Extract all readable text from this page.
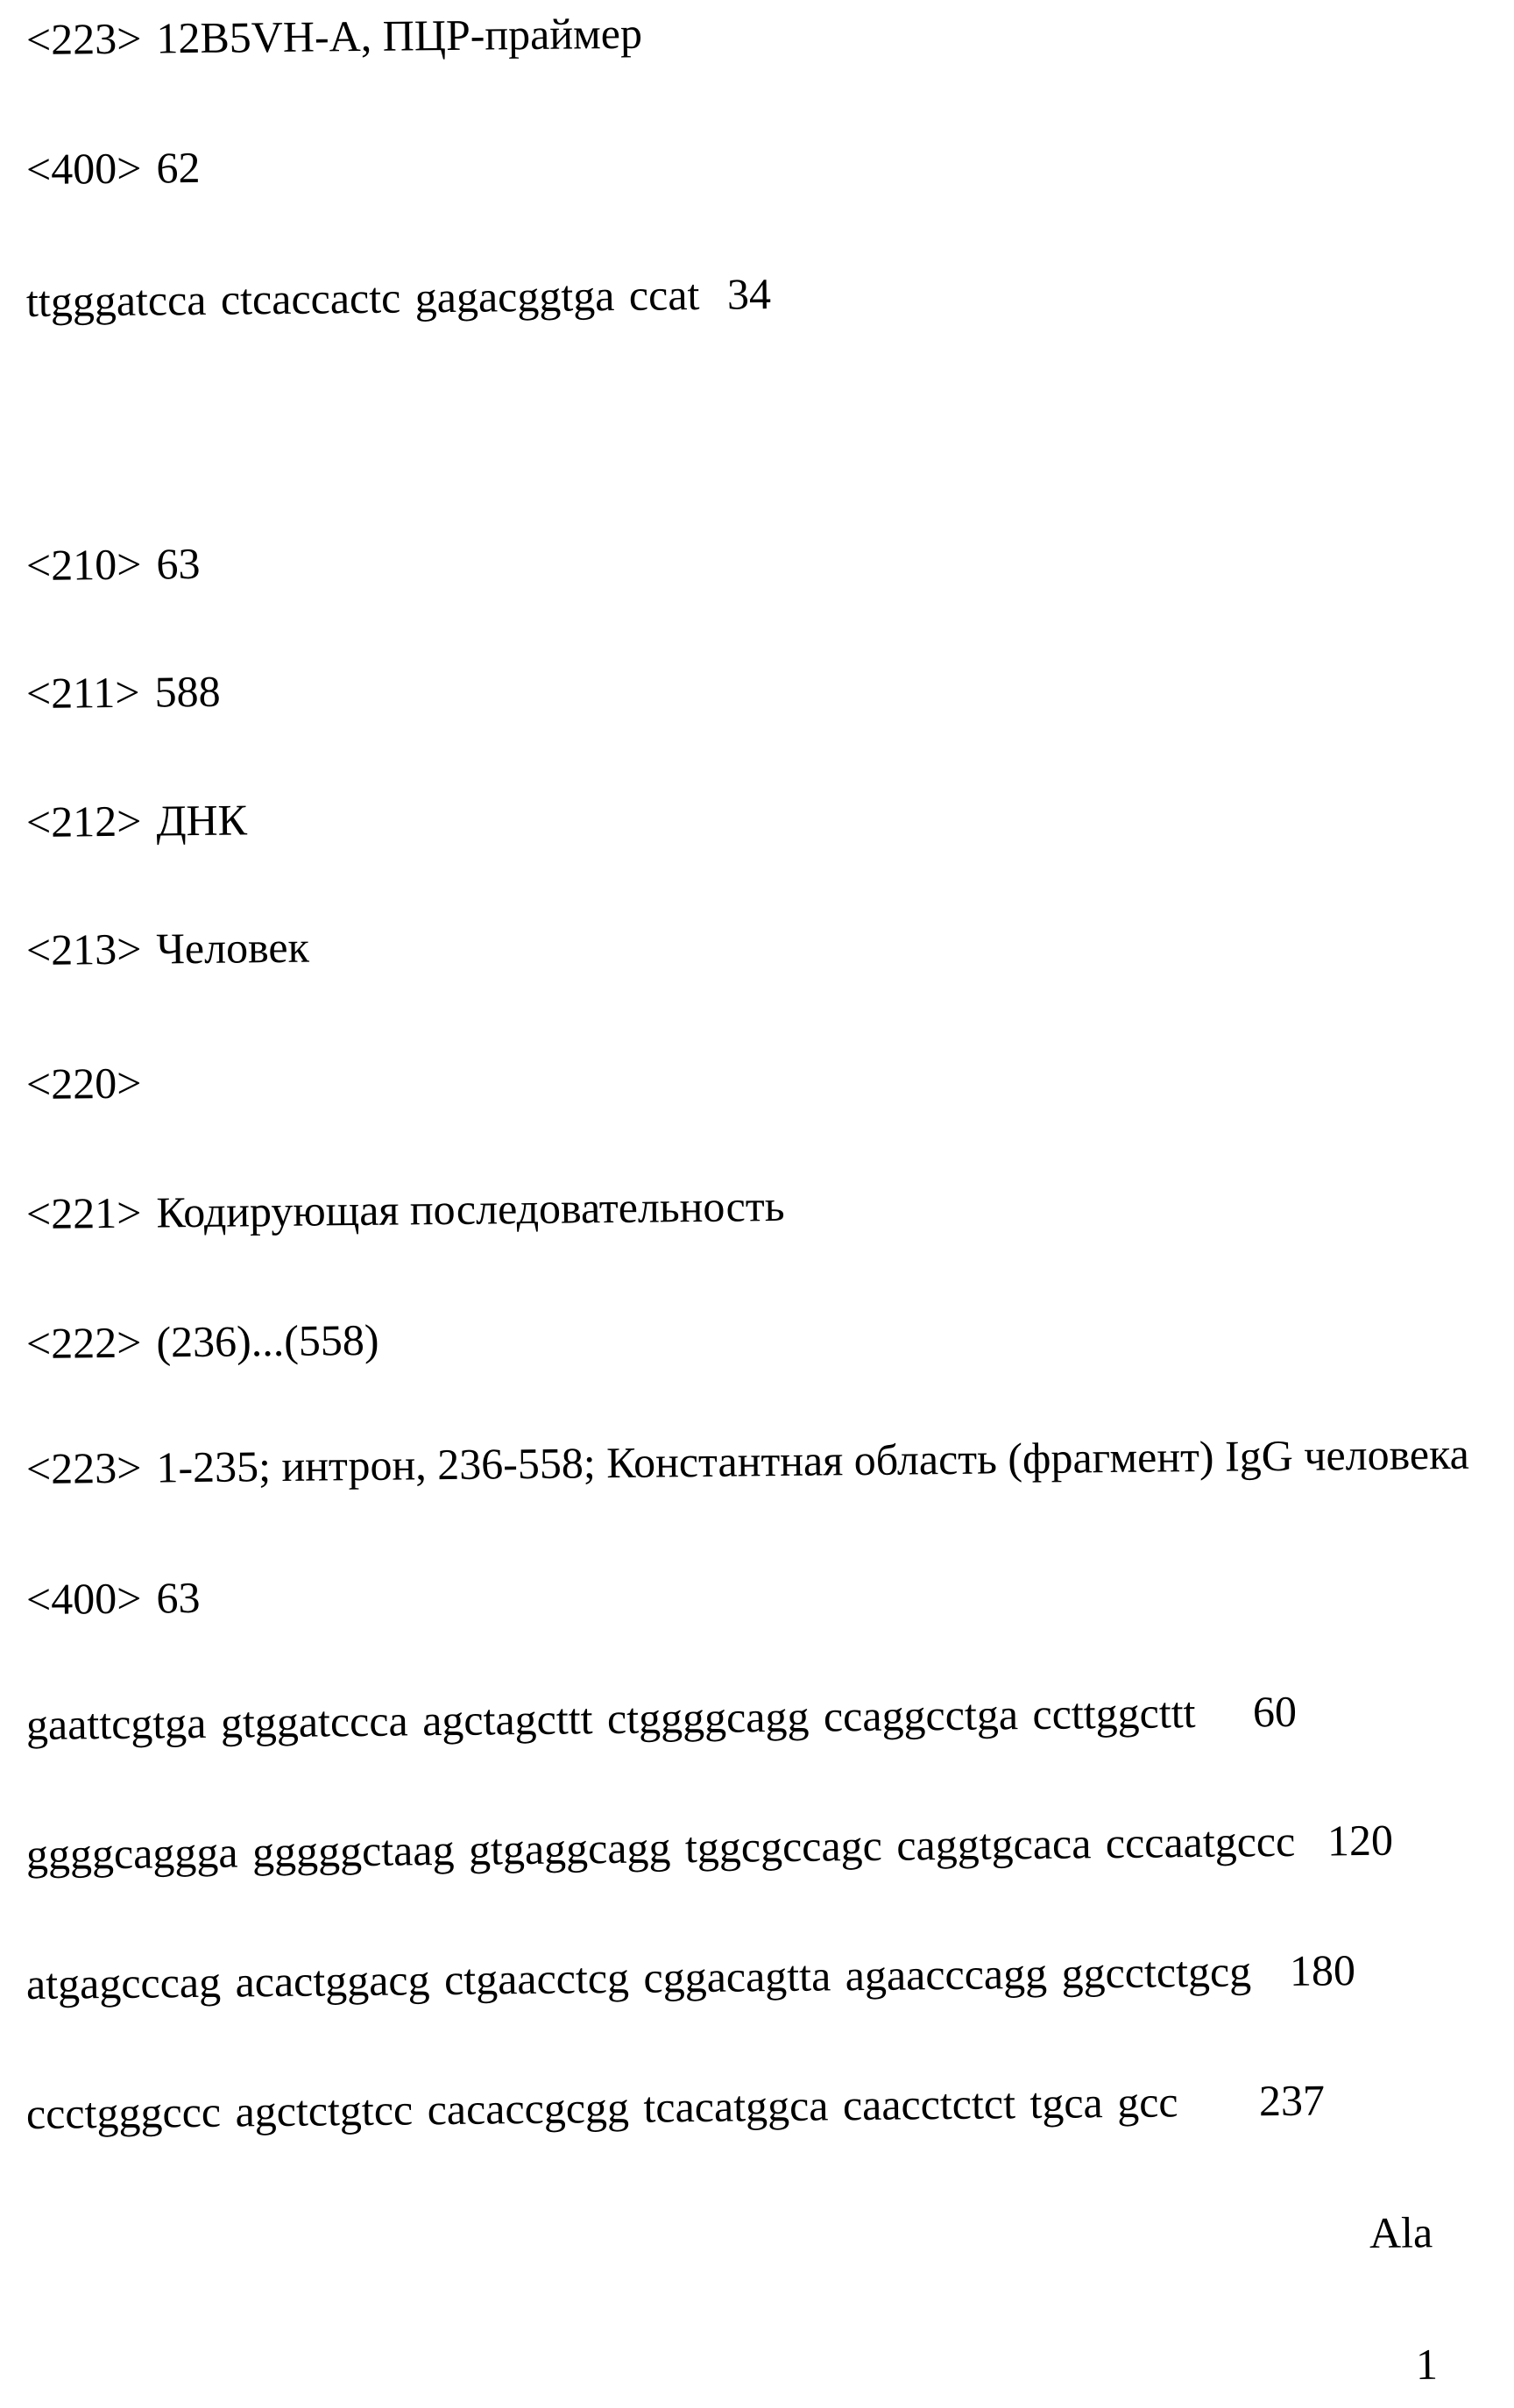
<223> 12B5VH-A, ПЦР-праймер
<400> 62
ttgggatcca ctcaccactc gagacggtga ccat 34
<210> 63
<211> 588
<212> ДНК
<213> Человек
<220>
<221> Кодирующая последовательность
<222> (236)...(558)
<223> 1-235; интрон, 236-558; Константная область (фрагмент) IgG человека
<400> 63
gaattcgtga gtggatccca agctagcttt ctggggcagg ccaggcctga ccttggcttt 60
ggggcaggga gggggctaag gtgaggcagg tggcgccagc caggtgcaca cccaatgccc 120
atgagcccag acactggacg ctgaacctcg cggacagtta agaacccagg ggcctctgcg 180
ccctgggccc agctctgtcc cacaccgcgg tcacatggca caacctctct tgca gcc 237
Ala
1
